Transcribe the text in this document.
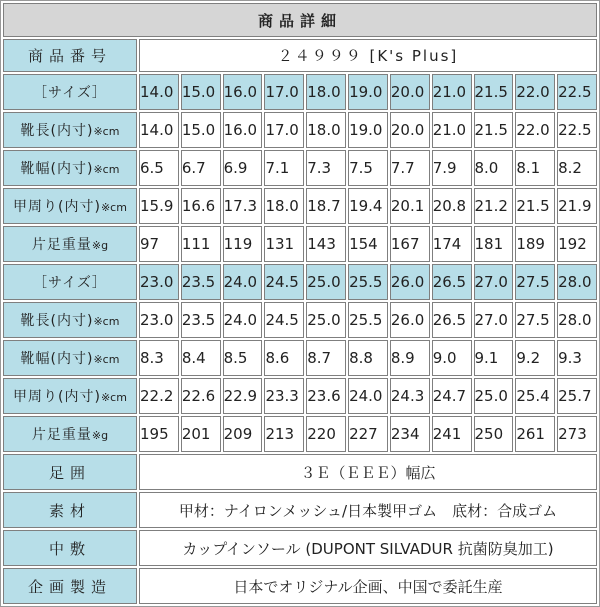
商品詳細											
商品番号	２４９９９ [K's Plus]										
［サイズ］	14.0	15.0	16.0	17.0	18.0	19.0	20.0	21.0	21.5	22.0	22.5
靴長(内寸)※cm	14.0	15.0	16.0	17.0	18.0	19.0	20.0	21.0	21.5	22.0	22.5
靴幅(内寸)※cm	6.5	6.7	6.9	7.1	7.3	7.5	7.7	7.9	8.0	8.1	8.2
甲周り(内寸)※cm	15.9	16.6	17.3	18.0	18.7	19.4	20.1	20.8	21.2	21.5	21.9
片足重量※g	97	111	119	131	143	154	167	174	181	189	192
［サイズ］	23.0	23.5	24.0	24.5	25.0	25.5	26.0	26.5	27.0	27.5	28.0
靴長(内寸)※cm	23.0	23.5	24.0	24.5	25.0	25.5	26.0	26.5	27.0	27.5	28.0
靴幅(内寸)※cm	8.3	8.4	8.5	8.6	8.7	8.8	8.9	9.0	9.1	9.2	9.3
甲周り(内寸)※cm	22.2	22.6	22.9	23.3	23.6	24.0	24.3	24.7	25.0	25.4	25.7
片足重量※g	195	201	209	213	220	227	234	241	250	261	273
足囲	３Ｅ（ＥＥＥ）幅広										
素材	甲材：ナイロンメッシュ/日本製甲ゴム　底材：合成ゴム										
中敷	カップインソール (DUPONT SILVADUR 抗菌防臭加工)										
企画製造	日本でオリジナル企画、中国で委託生産										
